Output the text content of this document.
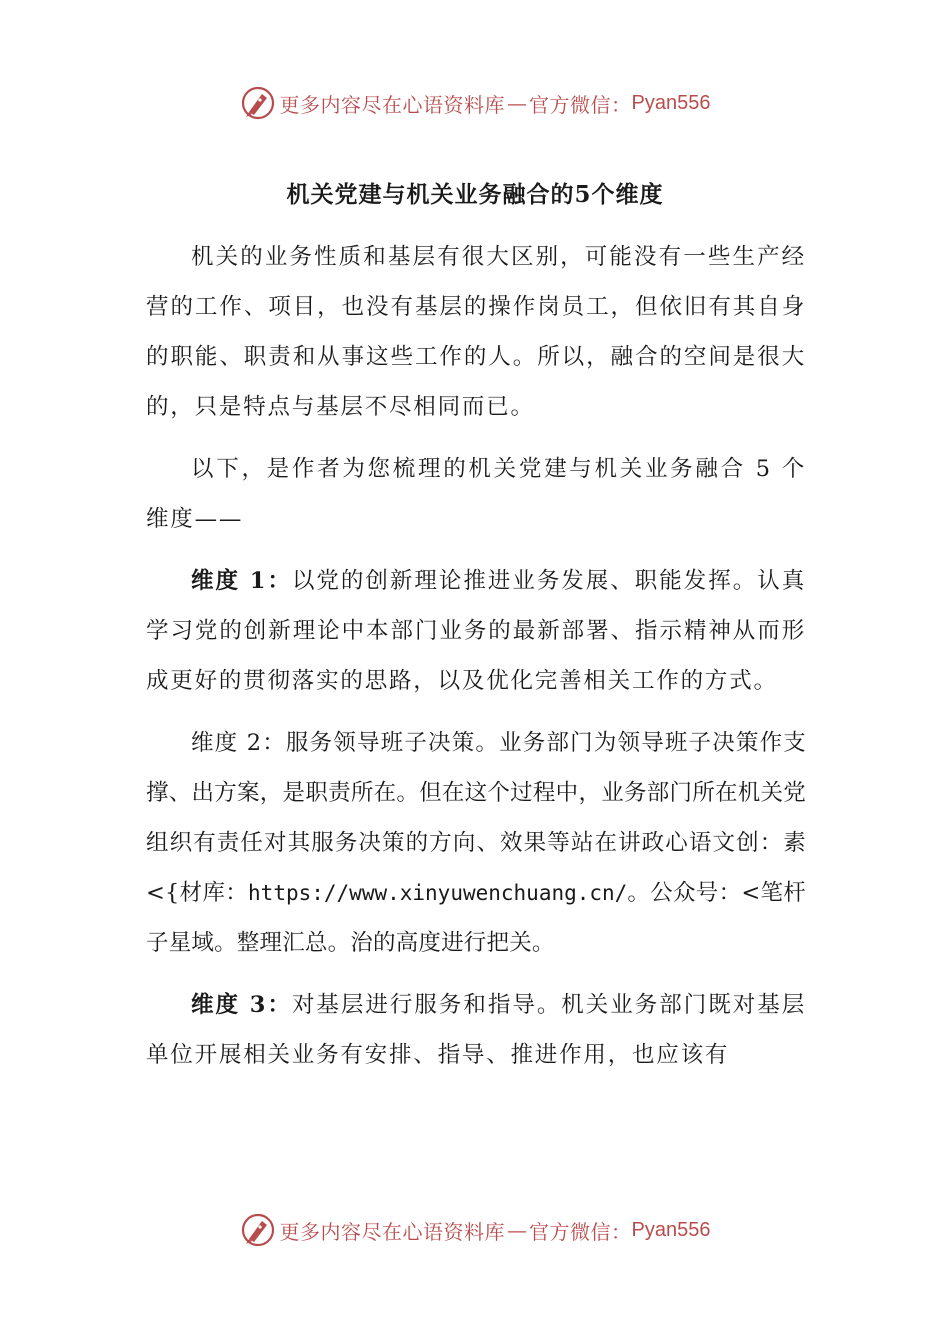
更多内容尽在心语资料库 — 官方微信： Pyan556
机关党建与机关业务融合的5个维度

机关的业务性质和基层有很大区别，可能没有一些生产经营的工作、项目，也没有基层的操作岗员工，但依旧有其自身的职能、职责和从事这些工作的人。所以，融合的空间是很大的，只是特点与基层不尽相同而已。

以下，是作者为您梳理的机关党建与机关业务融合 5 个维度——

维度 1：以党的创新理论推进业务发展、职能发挥。认真学习党的创新理论中本部门业务的最新部署、指示精神从而形成更好的贯彻落实的思路，以及优化完善相关工作的方式。

维度 2：服务领导班子决策。业务部门为领导班子决策作支撑、出方案，是职责所在。但在这个过程中，业务部门所在机关党组织有责任对其服务决策的方向、效果等站在讲政心语文创：素<{材库：https://www.xinyuwenchuang.cn/。公众号：<笔杆子星域。整理汇总。治的高度进行把关。

维度 3：对基层进行服务和指导。机关业务部门既对基层单位开展相关业务有安排、指导、推进作用，也应该有

更多内容尽在心语资料库 — 官方微信： Pyan556
